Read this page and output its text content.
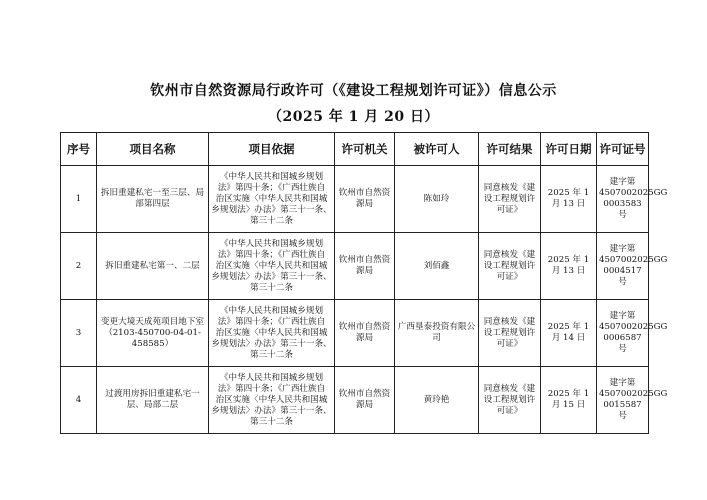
钦州市自然资源局行政许可（《建设工程规划许可证》）信息公示
（2025 年 1 月 20 日）
序号	项目名称	项目依据	许可机关	被许可人	许可结果	许可日期	许可证号
1	拆旧重建私宅一至三层、局部第四层	《中华人民共和国城乡规划
法》第四十条；《广西壮族自
治区实施〈中华人民共和国城
乡规划法〉办法》第三十一条、
第三十二条	钦州市自然资源局	陈如玲	同意核发《建设工程规划许可证》	2025 年 1 月 13 日	建字第 4507002025GG 0003583 号
2	拆旧重建私宅第一、二层	《中华人民共和国城乡规划
法》第四十条；《广西壮族自
治区实施〈中华人民共和国城
乡规划法〉办法》第三十一条、
第三十二条	钦州市自然资源局	刘佰鑫	同意核发《建设工程规划许可证》	2025 年 1 月 13 日	建字第 4507002025GG 0004517 号
3	变更大境天成苑项目地下室（2103-450700-04-01-458585）	《中华人民共和国城乡规划
法》第四十条；《广西壮族自
治区实施〈中华人民共和国城
乡规划法〉办法》第三十一条、
第三十二条	钦州市自然资源局	广西垦泰投资有限公司	同意核发《建设工程规划许可证》	2025 年 1 月 14 日	建字第 4507002025GG 0006587 号
4	过渡用房拆旧重建私宅一层、局部二层	《中华人民共和国城乡规划
法》第四十条；《广西壮族自
治区实施〈中华人民共和国城
乡规划法〉办法》第三十一条、
第三十二条	钦州市自然资源局	黄玲艳	同意核发《建设工程规划许可证》	2025 年 1 月 15 日	建字第 4507002025GG 0015587 号
